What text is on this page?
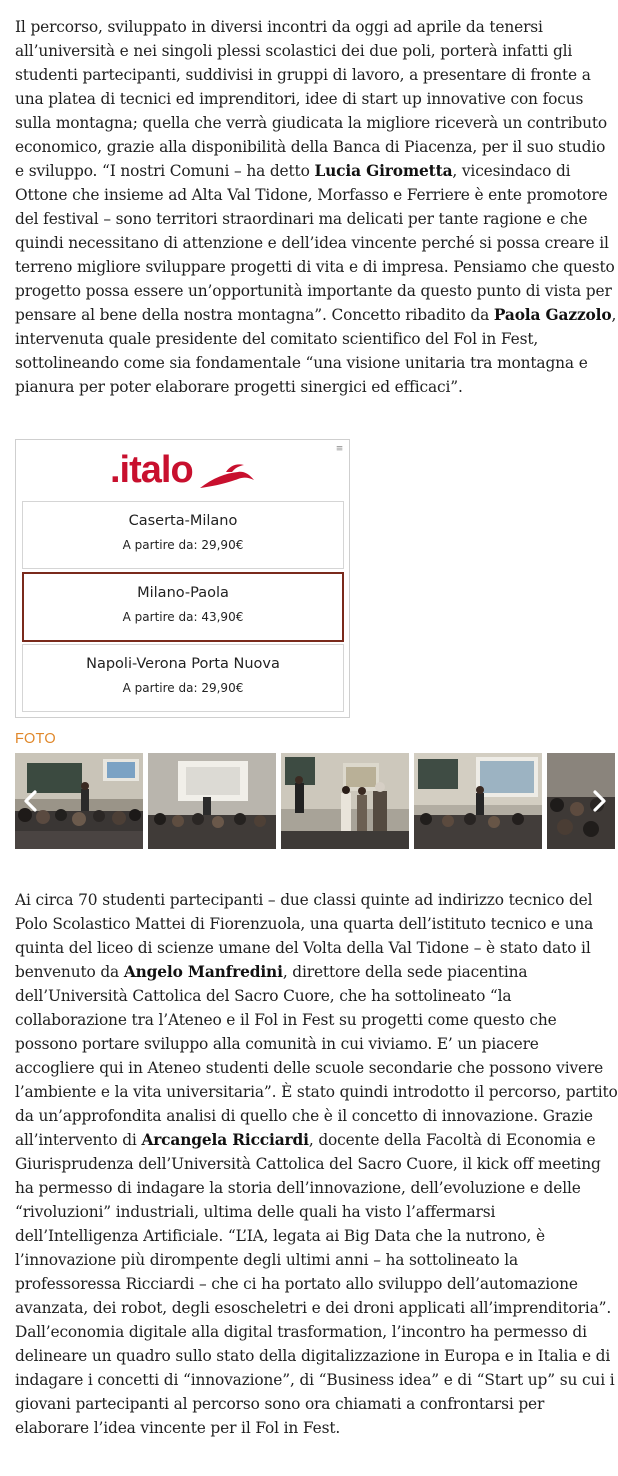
Il percorso, sviluppato in diversi incontri da oggi ad aprile da tenersi all’università e nei singoli plessi scolastici dei due poli, porterà infatti gli studenti partecipanti, suddivisi in gruppi di lavoro, a presentare di fronte a una platea di tecnici ed imprenditori, idee di start up innovative con focus sulla montagna; quella che verrà giudicata la migliore riceverà un contributo economico, grazie alla disponibilità della Banca di Piacenza, per il suo studio e sviluppo. “I nostri Comuni – ha detto Lucia Girometta, vicesindaco di Ottone che insieme ad Alta Val Tidone, Morfasso e Ferriere è ente promotore del festival – sono territori straordinari ma delicati per tante ragione e che quindi necessitano di attenzione e dell’idea vincente perché si possa creare il terreno migliore sviluppare progetti di vita e di impresa. Pensiamo che questo progetto possa essere un’opportunità importante da questo punto di vista per pensare al bene della nostra montagna”. Concetto ribadito da Paola Gazzolo, intervenuta quale presidente del comitato scientifico del Fol in Fest, sottolineando come sia fondamentale “una visione unitaria tra montagna e pianura per poter elaborare progetti sinergici ed efficaci”.

.italo	≡
Caserta-Milano
A partire da: 29,90€
Milano-Paola
A partire da: 43,90€
Napoli-Verona Porta Nuova
A partire da: 29,90€
FOTO

Ai circa 70 studenti partecipanti – due classi quinte ad indirizzo tecnico del Polo Scolastico Mattei di Fiorenzuola, una quarta dell’istituto tecnico e una quinta del liceo di scienze umane del Volta della Val Tidone – è stato dato il benvenuto da Angelo Manfredini, direttore della sede piacentina dell’Università Cattolica del Sacro Cuore, che ha sottolineato “la collaborazione tra l’Ateneo e il Fol in Fest su progetti come questo che possono portare sviluppo alla comunità in cui viviamo. E’ un piacere accogliere qui in Ateneo studenti delle scuole secondarie che possono vivere l’ambiente e la vita universitaria”. È stato quindi introdotto il percorso, partito da un’approfondita analisi di quello che è il concetto di innovazione. Grazie all’intervento di Arcangela Ricciardi, docente della Facoltà di Economia e Giurisprudenza dell’Università Cattolica del Sacro Cuore, il kick off meeting ha permesso di indagare la storia dell’innovazione, dell’evoluzione e delle “rivoluzioni” industriali, ultima delle quali ha visto l’affermarsi dell’Intelligenza Artificiale. “L’IA, legata ai Big Data che la nutrono, è l’innovazione più dirompente degli ultimi anni – ha sottolineato la professoressa Ricciardi – che ci ha portato allo sviluppo dell’automazione avanzata, dei robot, degli esoscheletri e dei droni applicati all’imprenditoria”. Dall’economia digitale alla digital trasformation, l’incontro ha permesso di delineare un quadro sullo stato della digitalizzazione in Europa e in Italia e di indagare i concetti di “innovazione”, di “Business idea” e di “Start up” su cui i giovani partecipanti al percorso sono ora chiamati a confrontarsi per elaborare l’idea vincente per il Fol in Fest.
